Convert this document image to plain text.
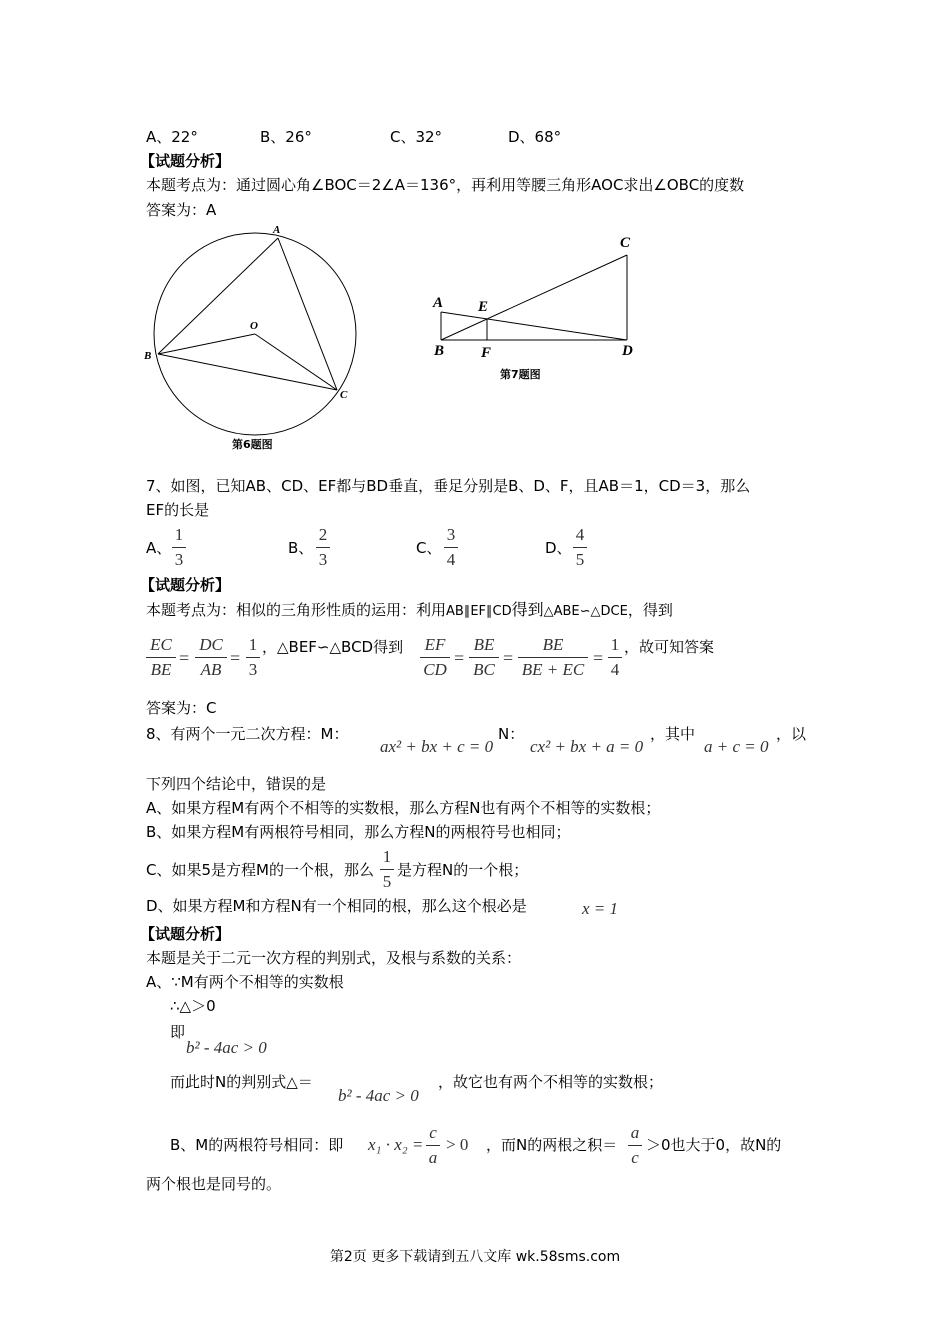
A、22°	B、26°	C、32°	D、68°
【试题分析】
本题考点为：通过圆心角∠BOC＝2∠A＝136°，再利用等腰三角形AOC求出∠OBC的度数
答案为：A
A
B
C
O
第6题图
C
A E
B F	D
第7题图
7、如图，已知AB、CD、EF都与BD垂直，垂足分别是B、D、F，且AB＝1，CD＝3，那么
EF的长是
A、
1
3
B、
2
3
C、
3
4
D、
4
5
【试题分析】
本题考点为：相似的三角形性质的运用：利用AB∥EF∥CD得到△ABE∽△DCE，得到
EC
BE
=
DC
AB
=
1
3
，△BEF∽△BCD得到 EF
CD
=
BE
BC
=
BE
BE + EC
=
1
4
，故可知答案
答案为：C
8、有两个一元二次方程：M：
ax² + bx + c = 0
N：
cx² + bx + a = 0
，其中
a + c = 0
，以
下列四个结论中，错误的是
A、如果方程M有两个不相等的实数根，那么方程N也有两个不相等的实数根；
B、如果方程M有两根符号相同，那么方程N的两根符号也相同；
C、如果5是方程M的一个根，那么
1
5
是方程N的一个根；
D、如果方程M和方程N有一个相同的根，那么这个根必是	x = 1
【试题分析】
本题是关于二元一次方程的判别式，及根与系数的关系：
A、∵M有两个不相等的实数根
∴△＞0
即
b² - 4ac > 0
而此时N的判别式△＝
b² - 4ac > 0
，故它也有两个不相等的实数根；
B、M的两根符号相同：即 x₁ · x₂ =
c
a
> 0 ，而N的两根之积＝
a
c
＞0也大于0，故N的
两个根也是同号的。
第2页 更多下载请到五八文库 wk.58sms.com
